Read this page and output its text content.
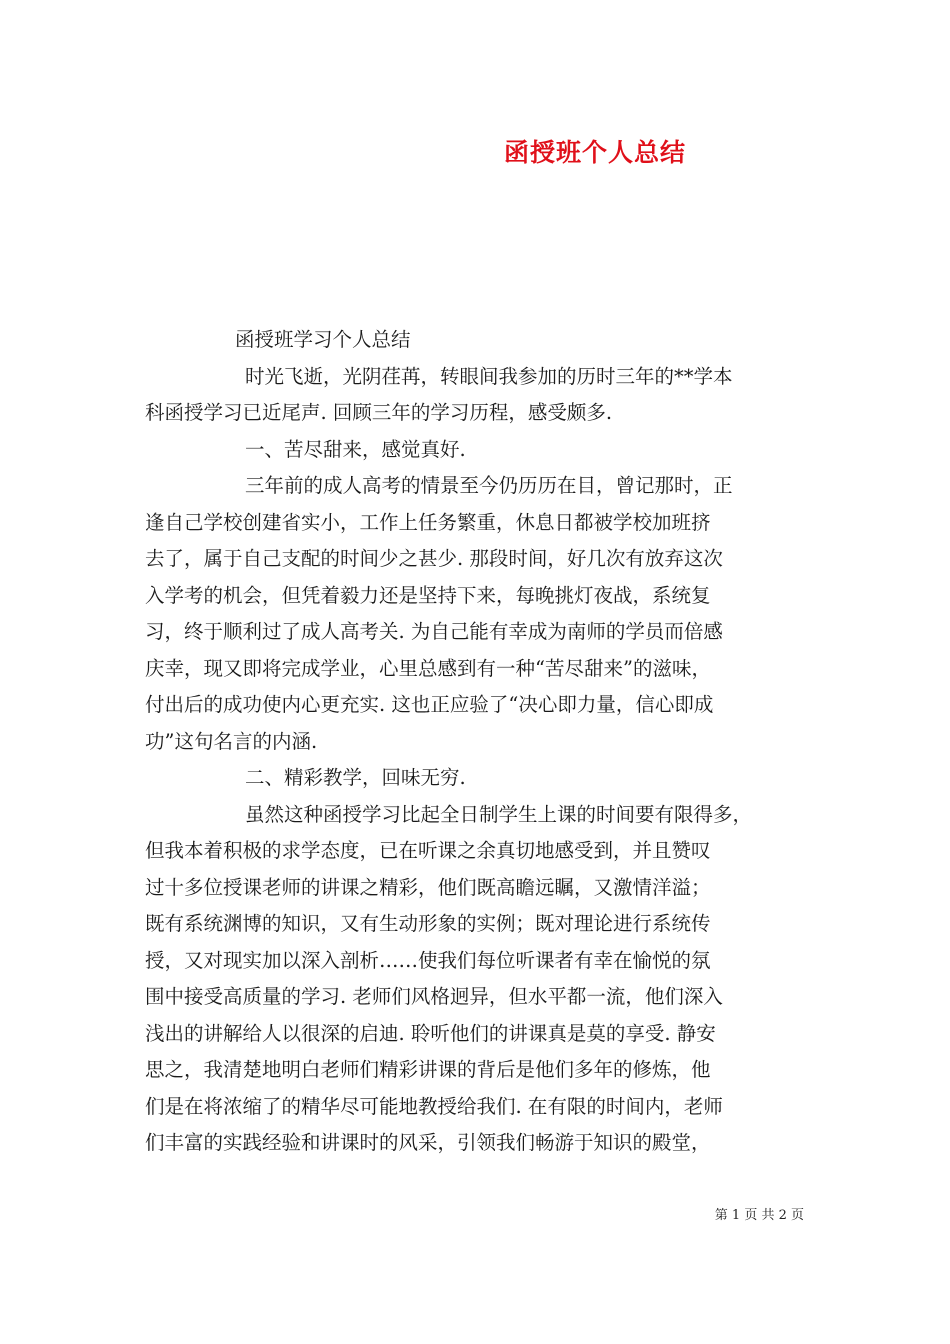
函授班个人总结
函授班学习个人总结
时光飞逝，光阴荏苒，转眼间我参加的历时三年的**学本
科函授学习已近尾声. 回顾三年的学习历程，感受颇多.
一、苦尽甜来，感觉真好.
三年前的成人高考的情景至今仍历历在目，曾记那时，正
逢自己学校创建省实小，工作上任务繁重，休息日都被学校加班挤
去了，属于自己支配的时间少之甚少. 那段时间，好几次有放弃这次
入学考的机会，但凭着毅力还是坚持下来，每晚挑灯夜战，系统复
习，终于顺利过了成人高考关. 为自己能有幸成为南师的学员而倍感
庆幸，现又即将完成学业，心里总感到有一种“苦尽甜来”的滋味，
付出后的成功使内心更充实. 这也正应验了“决心即力量，信心即成
功”这句名言的内涵.
二、精彩教学，回味无穷.
虽然这种函授学习比起全日制学生上课的时间要有限得多，
但我本着积极的求学态度，已在听课之余真切地感受到，并且赞叹
过十多位授课老师的讲课之精彩，他们既高瞻远瞩，又激情洋溢；
既有系统渊博的知识，又有生动形象的实例；既对理论进行系统传
授，又对现实加以深入剖析……使我们每位听课者有幸在愉悦的氛
围中接受高质量的学习. 老师们风格迥异，但水平都一流，他们深入
浅出的讲解给人以很深的启迪. 聆听他们的讲课真是莫的享受. 静安
思之，我清楚地明白老师们精彩讲课的背后是他们多年的修炼，他
们是在将浓缩了的精华尽可能地教授给我们. 在有限的时间内，老师
们丰富的实践经验和讲课时的风采，引领我们畅游于知识的殿堂，
第 1 页 共 2 页
